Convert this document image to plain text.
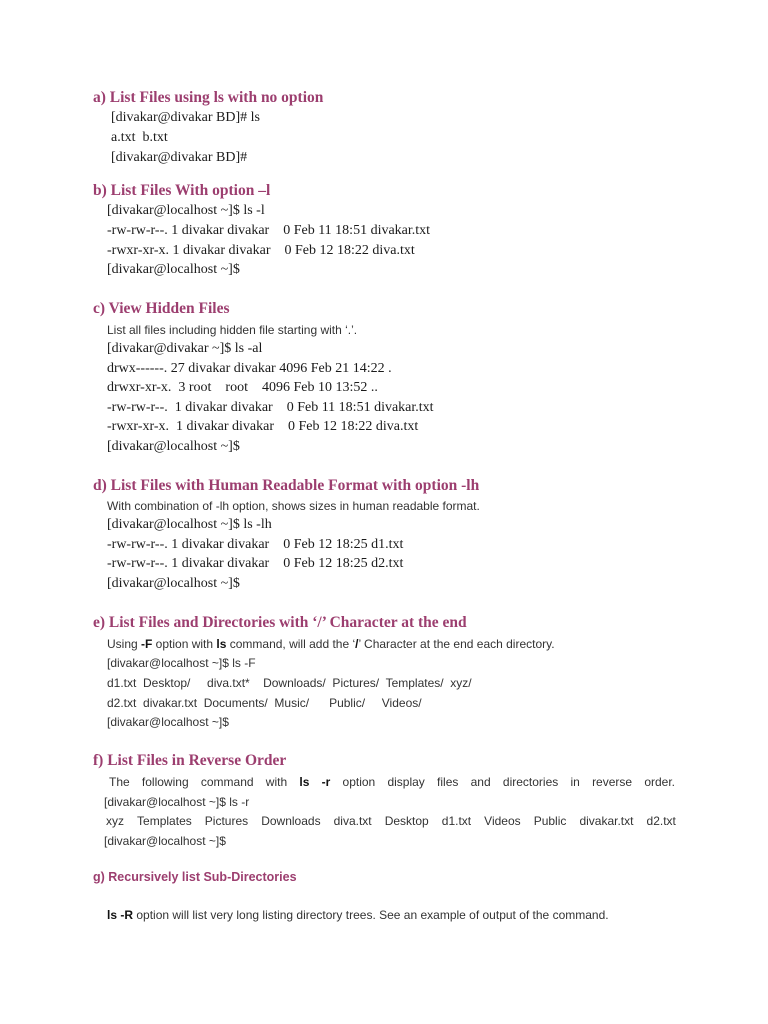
a) List Files using ls with no option

[divakar@divakar BD]# ls

a.txt  b.txt

[divakar@divakar BD]#

b) List Files With option –l

[divakar@localhost ~]$ ls -l

-rw-rw-r--. 1 divakar divakar    0 Feb 11 18:51 divakar.txt

-rwxr-xr-x. 1 divakar divakar    0 Feb 12 18:22 diva.txt

[divakar@localhost ~]$

c) View Hidden Files

List all files including hidden file starting with ‘.’.

[divakar@divakar ~]$ ls -al

drwx------. 27 divakar divakar 4096 Feb 21 14:22 .

drwxr-xr-x.  3 root    root    4096 Feb 10 13:52 ..

-rw-rw-r--.  1 divakar divakar    0 Feb 11 18:51 divakar.txt

-rwxr-xr-x.  1 divakar divakar    0 Feb 12 18:22 diva.txt

[divakar@localhost ~]$

d) List Files with Human Readable Format with option -lh

With combination of -lh option, shows sizes in human readable format.

[divakar@localhost ~]$ ls -lh

-rw-rw-r--. 1 divakar divakar    0 Feb 12 18:25 d1.txt

-rw-rw-r--. 1 divakar divakar    0 Feb 12 18:25 d2.txt

[divakar@localhost ~]$

e) List Files and Directories with ‘/’ Character at the end

Using -F option with ls command, will add the ‘/’ Character at the end each directory.

[divakar@localhost ~]$ ls -F

d1.txt  Desktop/     diva.txt*    Downloads/  Pictures/  Templates/  xyz/

d2.txt  divakar.txt  Documents/  Music/      Public/     Videos/

[divakar@localhost ~]$

f) List Files in Reverse Order
The following command with ls -r option display files and directories in reverse order.

[divakar@localhost ~]$ ls -r

xyz Templates Pictures Downloads diva.txt Desktop d1.txt Videos Public divakar.txt d2.txt

[divakar@localhost ~]$

g) Recursively list Sub-Directories

ls -R option will list very long listing directory trees. See an example of output of the command.
